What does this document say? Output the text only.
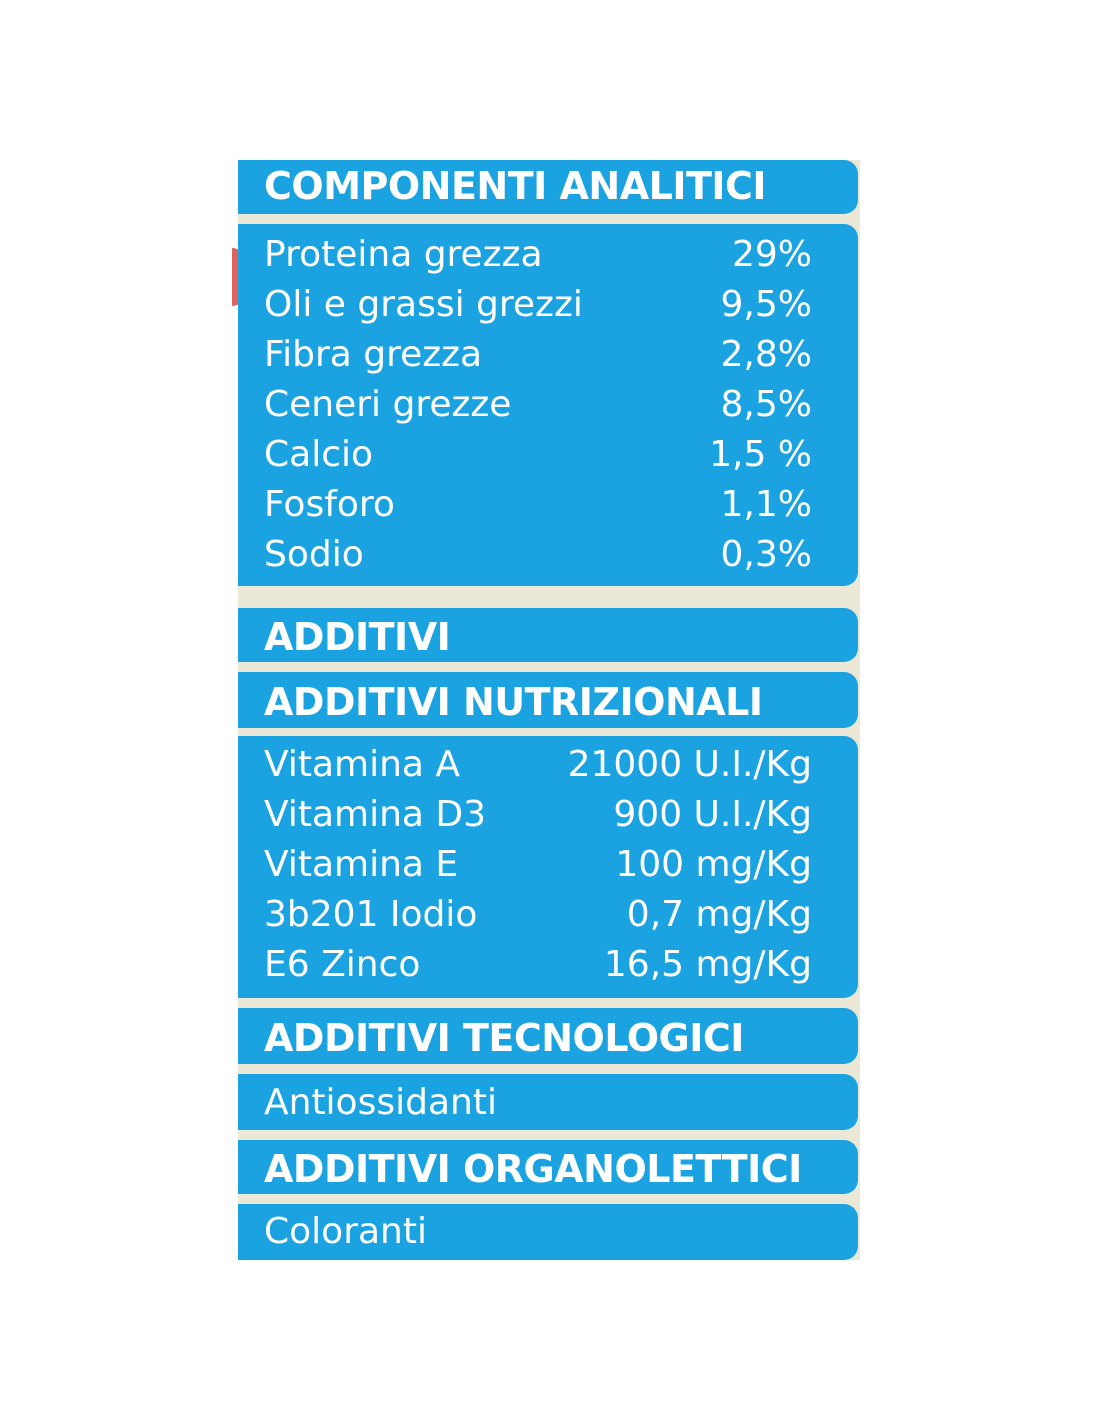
COMPONENTI ANALITICI
Proteina grezza	29%
Oli e grassi grezzi	9,5%
Fibra grezza	2,8%
Ceneri grezze	8,5%
Calcio	1,5 %
Fosforo	1,1%
Sodio	0,3%
ADDITIVI
ADDITIVI NUTRIZIONALI
Vitamina A	21000 U.I./Kg
Vitamina D3	900 U.I./Kg
Vitamina E	100 mg/Kg
3b201 Iodio	0,7 mg/Kg
E6 Zinco	16,5 mg/Kg
ADDITIVI TECNOLOGICI
Antiossidanti
ADDITIVI ORGANOLETTICI
Coloranti
